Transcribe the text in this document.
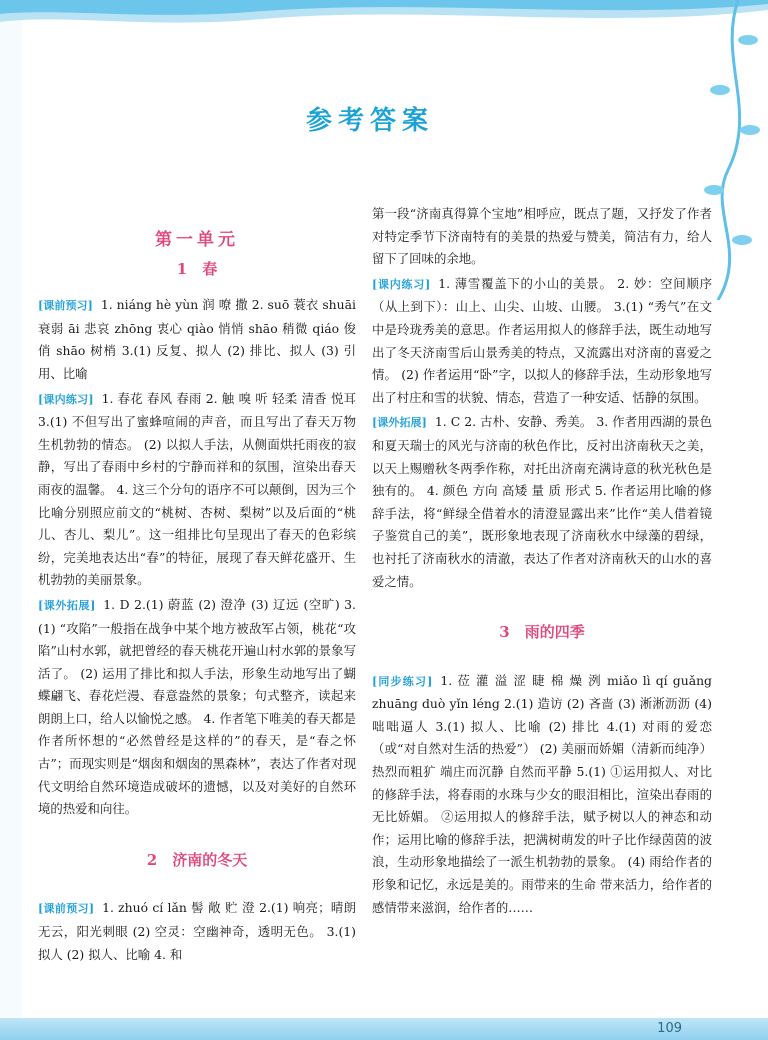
参考答案
第一单元
1　春

[课前预习] 1. niáng hè yùn 润 嘹 撒 2. suō 蓑衣 shuāi 衰弱 āi 悲哀 zhōng 衷心 qiào 悄悄 shāo 稍微 qiáo 俊俏 shāo 树梢 3.(1) 反复、拟人 (2) 排比、拟人 (3) 引用、比喻

[课内练习] 1. 春花 春风 春雨 2. 触 嗅 听 轻柔 清香 悦耳 3.(1) 不但写出了蜜蜂喧闹的声音，而且写出了春天万物生机勃勃的情态。 (2) 以拟人手法，从侧面烘托雨夜的寂静，写出了春雨中乡村的宁静而祥和的氛围，渲染出春天雨夜的温馨。 4. 这三个分句的语序不可以颠倒，因为三个比喻分别照应前文的“桃树、杏树、梨树”以及后面的“桃儿、杏儿、梨儿”。这一组排比句呈现出了春天的色彩缤纷，完美地表达出“春”的特征，展现了春天鲜花盛开、生机勃勃的美丽景象。

[课外拓展] 1. D 2.(1) 蔚蓝 (2) 澄净 (3) 辽远 (空旷) 3.(1) “攻陷”一般指在战争中某个地方被敌军占领，桃花“攻陷”山村水郭，就把曾经的春天桃花开遍山村水郭的景象写活了。 (2) 运用了排比和拟人手法，形象生动地写出了蝴蝶翩飞、春花烂漫、春意盎然的景象；句式整齐，读起来朗朗上口，给人以愉悦之感。 4. 作者笔下唯美的春天都是作者所怀想的“必然曾经是这样的”的春天，是“春之怀古”；而现实则是“烟囱和烟囱的黑森林”，表达了作者对现代文明给自然环境造成破坏的遗憾，以及对美好的自然环境的热爱和向往。

2　济南的冬天

[课前预习] 1. zhuó cí lǎn 髻 敞 贮 澄 2.(1) 响亮；晴朗无云，阳光刺眼 (2) 空灵：空幽神奇，透明无色。 3.(1) 拟人 (2) 拟人、比喻 4. 和

第一段“济南真得算个宝地”相呼应，既点了题，又抒发了作者对特定季节下济南特有的美景的热爱与赞美，简洁有力，给人留下了回味的余地。

[课内练习] 1. 薄雪覆盖下的小山的美景。 2. 妙：空间顺序（从上到下）：山上、山尖、山坡、山腰。 3.(1) “秀气”在文中是玲珑秀美的意思。作者运用拟人的修辞手法，既生动地写出了冬天济南雪后山景秀美的特点，又流露出对济南的喜爱之情。 (2) 作者运用“卧”字，以拟人的修辞手法，生动形象地写出了村庄和雪的状貌、情态，营造了一种安适、恬静的氛围。

[课外拓展] 1. C 2. 古朴、安静、秀美。 3. 作者用西湖的景色和夏天瑞士的风光与济南的秋色作比，反衬出济南秋天之美，以天上赐赠秋冬两季作称，对托出济南充满诗意的秋光秋色是独有的。 4. 颜色 方向 高矮 量 质 形式 5. 作者运用比喻的修辞手法，将“鲜绿全借着水的清澄显露出来”比作“美人借着镜子鉴赏自己的美”，既形象地表现了济南秋水中绿藻的碧绿，也衬托了济南秋水的清澈，表达了作者对济南秋天的山水的喜爱之情。

3　雨的四季

[同步练习] 1. 莅 灌 溢 涩 睫 棉 燥 洌 miǎo lì qí guǎng zhuāng duò yǐn léng 2.(1) 造访 (2) 吝啬 (3) 淅淅沥沥 (4) 咄咄逼人 3.(1) 拟人、比喻 (2) 排比 4.(1) 对雨的爱恋（或“对自然对生活的热爱”） (2) 美丽而娇媚（清新而纯净） 热烈而粗犷 端庄而沉静 自然而平静 5.(1) ①运用拟人、对比的修辞手法，将春雨的水珠与少女的眼泪相比，渲染出春雨的无比娇媚。 ②运用拟人的修辞手法，赋予树以人的神态和动作；运用比喻的修辞手法，把满树萌发的叶子比作绿茵茵的波浪，生动形象地描绘了一派生机勃勃的景象。 (4) 雨给作者的形象和记忆，永远是美的。雨带来的生命 带来活力，给作者的感情带来滋润，给作者的……

109
